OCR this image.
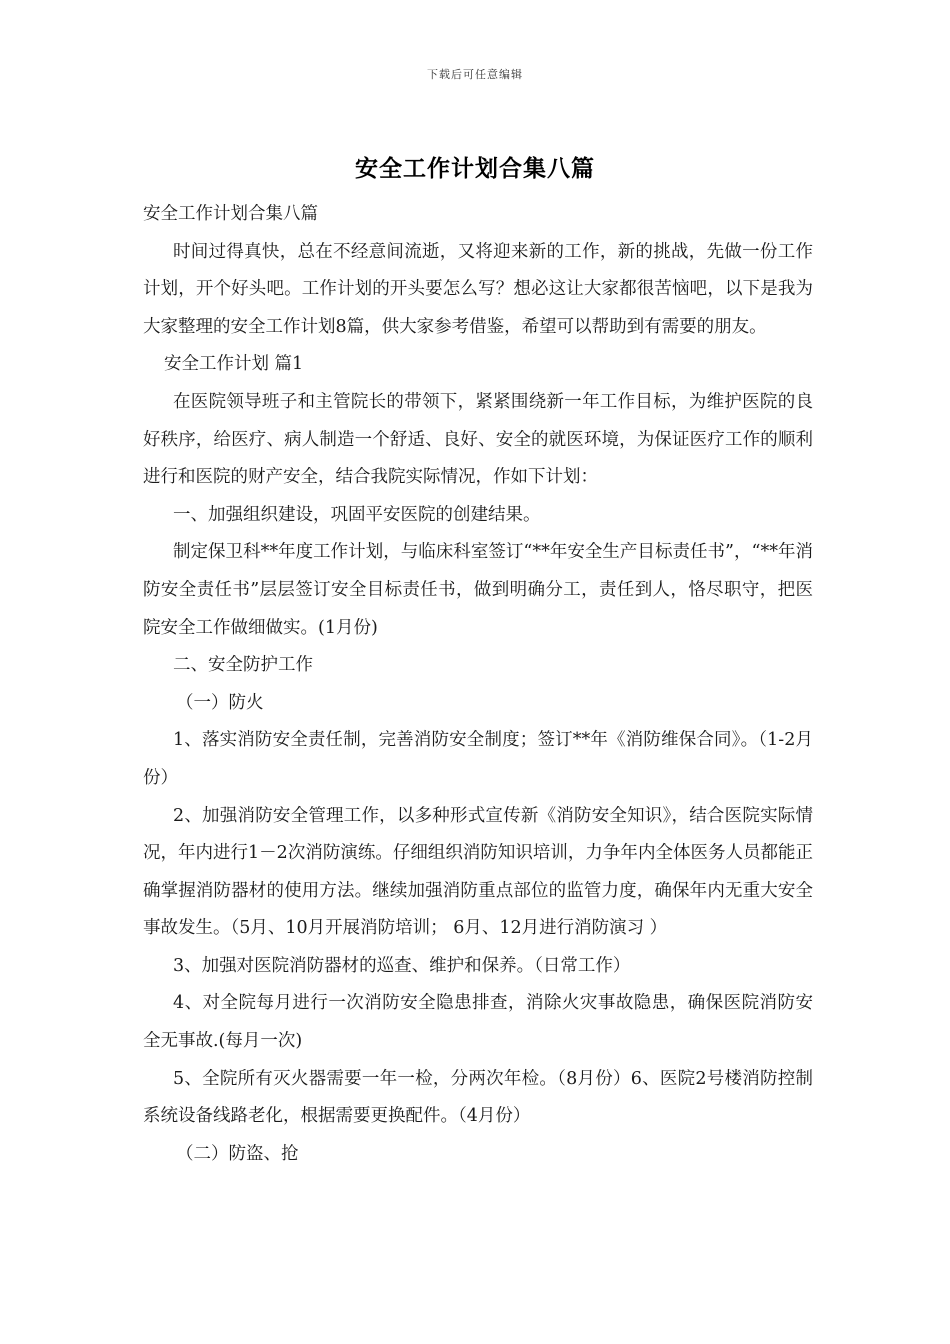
下载后可任意编辑
安全工作计划合集八篇

安全工作计划合集八篇

时间过得真快，总在不经意间流逝，又将迎来新的工作，新的挑战，先做一份工作计划，开个好头吧。工作计划的开头要怎么写？想必这让大家都很苦恼吧，以下是我为大家整理的安全工作计划8篇，供大家参考借鉴，希望可以帮助到有需要的朋友。

安全工作计划 篇1

在医院领导班子和主管院长的带领下，紧紧围绕新一年工作目标，为维护医院的良好秩序，给医疗、病人制造一个舒适、良好、安全的就医环境，为保证医疗工作的顺利进行和医院的财产安全，结合我院实际情况，作如下计划：

一、加强组织建设，巩固平安医院的创建结果。

制定保卫科**年度工作计划，与临床科室签订“**年安全生产目标责任书”，“**年消防安全责任书”层层签订安全目标责任书，做到明确分工，责任到人，恪尽职守，把医院安全工作做细做实。(1月份)

二、安全防护工作

（一）防火

1、落实消防安全责任制，完善消防安全制度；签订**年《消防维保合同》。（1-2月份）

2、加强消防安全管理工作，以多种形式宣传新《消防安全知识》，结合医院实际情况，年内进行1－2次消防演练。仔细组织消防知识培训，力争年内全体医务人员都能正确掌握消防器材的使用方法。继续加强消防重点部位的监管力度，确保年内无重大安全事故发生。（5月、10月开展消防培训； 6月、12月进行消防演习 ）

3、加强对医院消防器材的巡查、维护和保养。（日常工作）

4、对全院每月进行一次消防安全隐患排查，消除火灾事故隐患，确保医院消防安全无事故.(每月一次)

5、全院所有灭火器需要一年一检，分两次年检。（8月份）6、医院2号楼消防控制系统设备线路老化，根据需要更换配件。（4月份）

（二）防盗、抢
